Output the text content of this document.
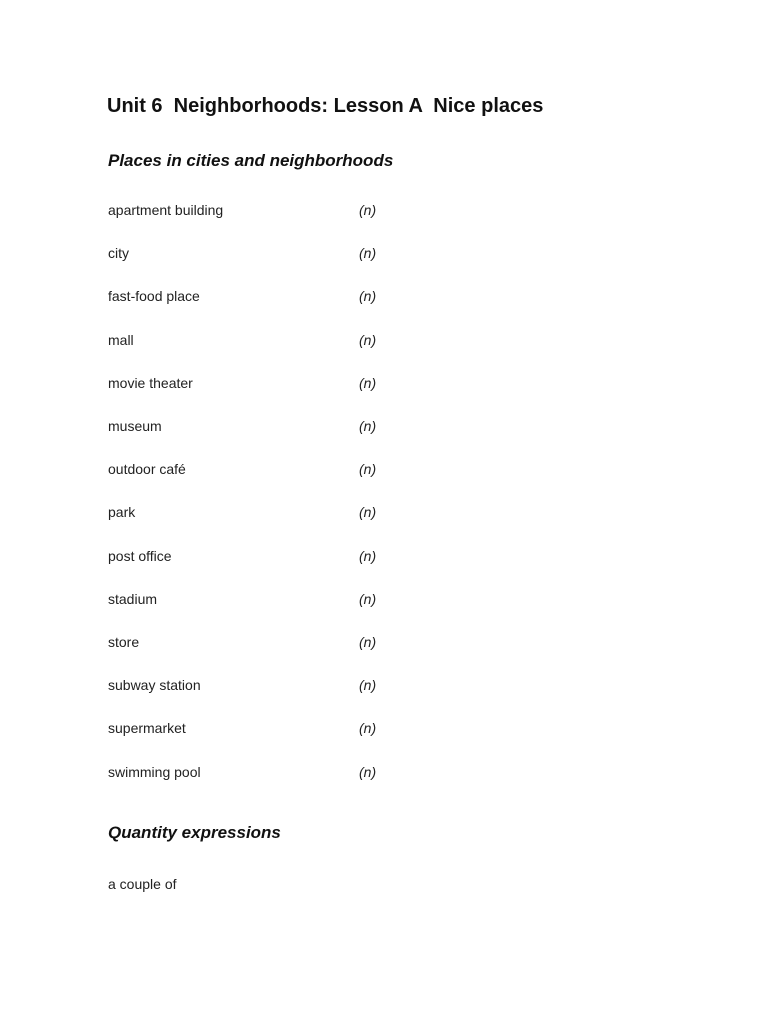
Unit 6  Neighborhoods: Lesson A  Nice places
Places in cities and neighborhoods
apartment building	(n)
city	(n)
fast-food place	(n)
mall	(n)
movie theater	(n)
museum	(n)
outdoor café	(n)
park	(n)
post office	(n)
stadium	(n)
store	(n)
subway station	(n)
supermarket	(n)
swimming pool	(n)
Quantity expressions
a couple of
